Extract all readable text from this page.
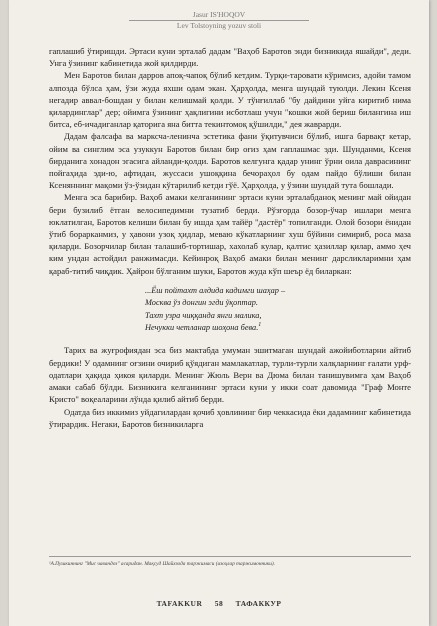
Jasur IS'HOQOV
Lev Tolstoyning yozuv stoli

гаплашиб ўтиришди. Эртаси куни эрталаб дадам "Ваҳоб Баротов энди бизникида яшайди", деди. Унга ўзининг кабинетида жой қилдирди.

Мен Баротов билан дарров апоқ-чапоқ бўлиб кетдим. Турқи-таровати кўримсиз, адойи тамом алпозда бўлса ҳам, ўзи жуда яхши одам экан. Ҳарҳолда, менга шундай туюлди. Лекин Ксеня негадир аввал-бошдан у билан келишмай қолди. У тўнғиллаб "бу дайдини уйга киритиб нима қилардинглар" дер; ойимга ўзининг ҳақлигини исботлаш учун "кошки жой бериш билангина иш битса, еб-ичадиганлар қаторига яна битта текинтомоқ қўшилди," дея жаврарди.

Дадам фалсафа ва марксча-ленинча эстетика фани ўқитувчиси бўлиб, ишга барвақт кетар, ойим ва синглим эса узуккун Баротов билан бир оғиз ҳам гаплашмас эди. Шунданми, Ксеня бирданига хонадон эгасига айланди-қолди. Баротов келгунга қадар унинг ўрни оила даврасининг пойгаҳида эди-ю, афтидан, жуссаси ушоққина бечораҳол бу одам пайдо бўлиши билан Ксеняннинг мақоми ўз-ўзидан кўтарилиб кетди гўё. Ҳарҳолда, у ўзини шундай тута бошлади.

Менга эса барибир. Ваҳоб амаки келганининг эртаси куни эрталабданоқ менинг май ойидан бери бузилиб ётган велосипедимни тузатиб берди. Рўзғорда бозор-ўчар ишлари менга юклатилган, Баротов келиши билан бу ишда ҳам тайёр "дастёр" топилганди. Олой бозори ёнидан ўтиб борарканмиз, у ҳавони узоқ ҳидлар, меваю кўкатларнинг хуш бўйини симириб, роса маза қиларди. Бозорчилар билан талашиб-тортишар, хахолаб кулар, қалтис ҳазиллар қилар, аммо ҳеч ким ундан астойдил ранжимасди. Кейинроқ Ваҳоб амаки билан менинг дарсликларимни ҳам қараб-титиб чиқдик. Ҳайрон бўлганим шуки, Баротов жуда кўп шеър ёд биларкан:

...Ёш пойтахт алдида кадимги шаҳар –
Москва ўз донгин эгди ўқоптар.
Тахт узра чиққанда янги малика,
Нечукки четланар шоҳона бева.$^1$

Тарих ва жуғрофиядан эса биз мактабда умуман эшитмаган шундай ажойиботларни айтиб бердики! У одамнинг оғзини очириб қўядиган мамлакатлар, турли-турли халқларнинг ғалати урф-одатлари ҳақида ҳикоя қиларди. Менинг Жюль Верн ва Дюма билан танишувимга ҳам Ваҳоб амаки сабаб бўлди. Бизникига келганининг эртаси куни у икки соат давомида "Граф Монте Кристо" воқеаларини лўнда қилиб айтиб берди.

Одатда биз иккимиз уйдагилардан қочиб ҳовлининг бир чеккасида ёки дадамнинг кабинетида ўтирардик. Негаки, Баротов бизникиларга

¹А.Пушкиннинг "Мис чавандоз" асаридан. Мақсуд Шайхзода таржимаси (изоҳлар таржимонники).
TAFAKKUR 58 ТАФАККУР
